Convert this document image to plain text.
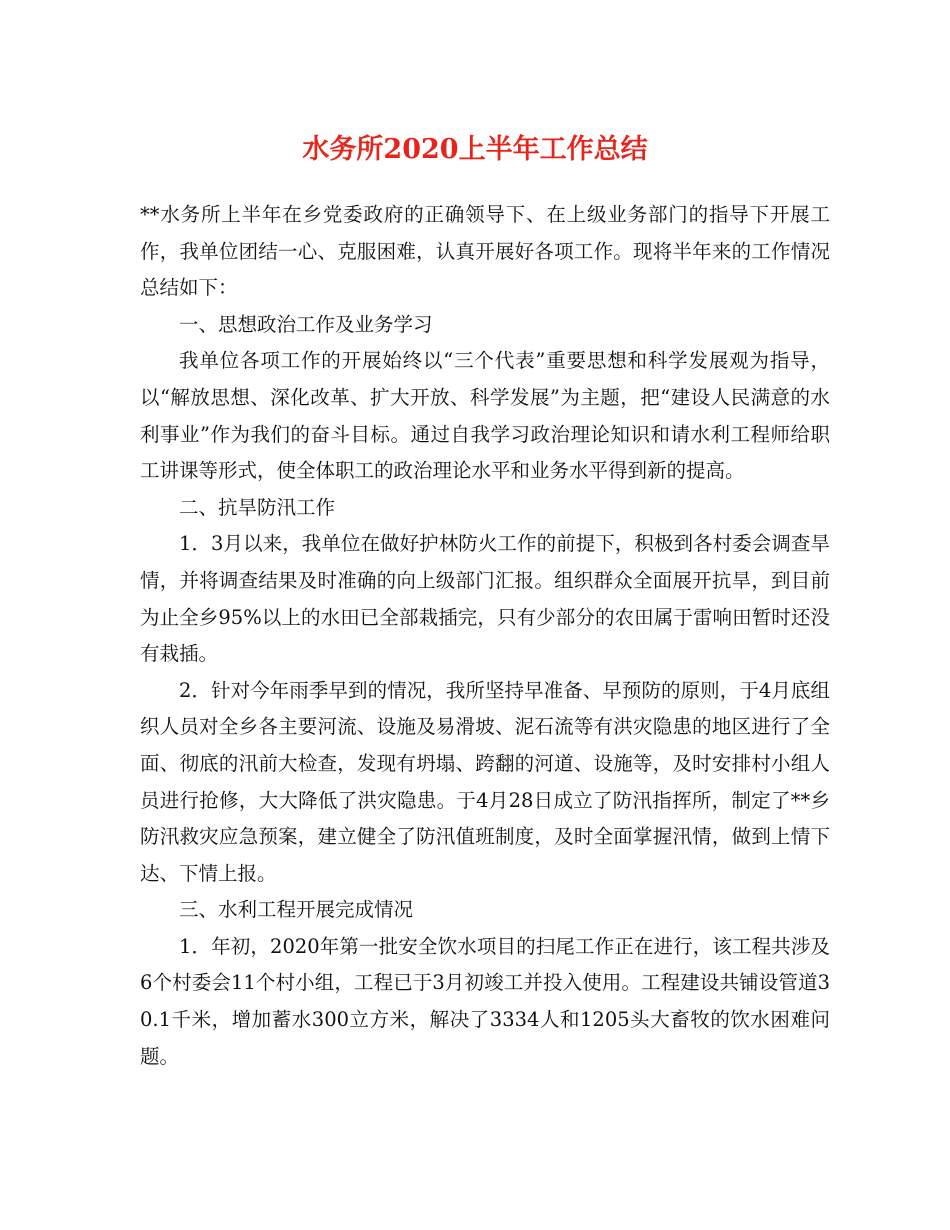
水务所2020上半年工作总结

**水务所上半年在乡党委政府的正确领导下、在上级业务部门的指导下开展工作，我单位团结一心、克服困难，认真开展好各项工作。现将半年来的工作情况总结如下：

一、思想政治工作及业务学习

我单位各项工作的开展始终以“三个代表”重要思想和科学发展观为指导，以“解放思想、深化改革、扩大开放、科学发展”为主题，把“建设人民满意的水利事业”作为我们的奋斗目标。通过自我学习政治理论知识和请水利工程师给职工讲课等形式，使全体职工的政治理论水平和业务水平得到新的提高。

二、抗旱防汛工作

1．3月以来，我单位在做好护林防火工作的前提下，积极到各村委会调查旱情，并将调查结果及时准确的向上级部门汇报。组织群众全面展开抗旱，到目前为止全乡95%以上的水田已全部栽插完，只有少部分的农田属于雷响田暂时还没有栽插。

2．针对今年雨季早到的情况，我所坚持早准备、早预防的原则，于4月底组织人员对全乡各主要河流、设施及易滑坡、泥石流等有洪灾隐患的地区进行了全面、彻底的汛前大检查，发现有坍塌、跨翻的河道、设施等，及时安排村小组人员进行抢修，大大降低了洪灾隐患。于4月28日成立了防汛指挥所，制定了**乡防汛救灾应急预案，建立健全了防汛值班制度，及时全面掌握汛情，做到上情下达、下情上报。

三、水利工程开展完成情况

1．年初，2020年第一批安全饮水项目的扫尾工作正在进行，该工程共涉及6个村委会11个村小组，工程已于3月初竣工并投入使用。工程建设共铺设管道30.1千米，增加蓄水300立方米，解决了3334人和1205头大畜牧的饮水困难问题。
